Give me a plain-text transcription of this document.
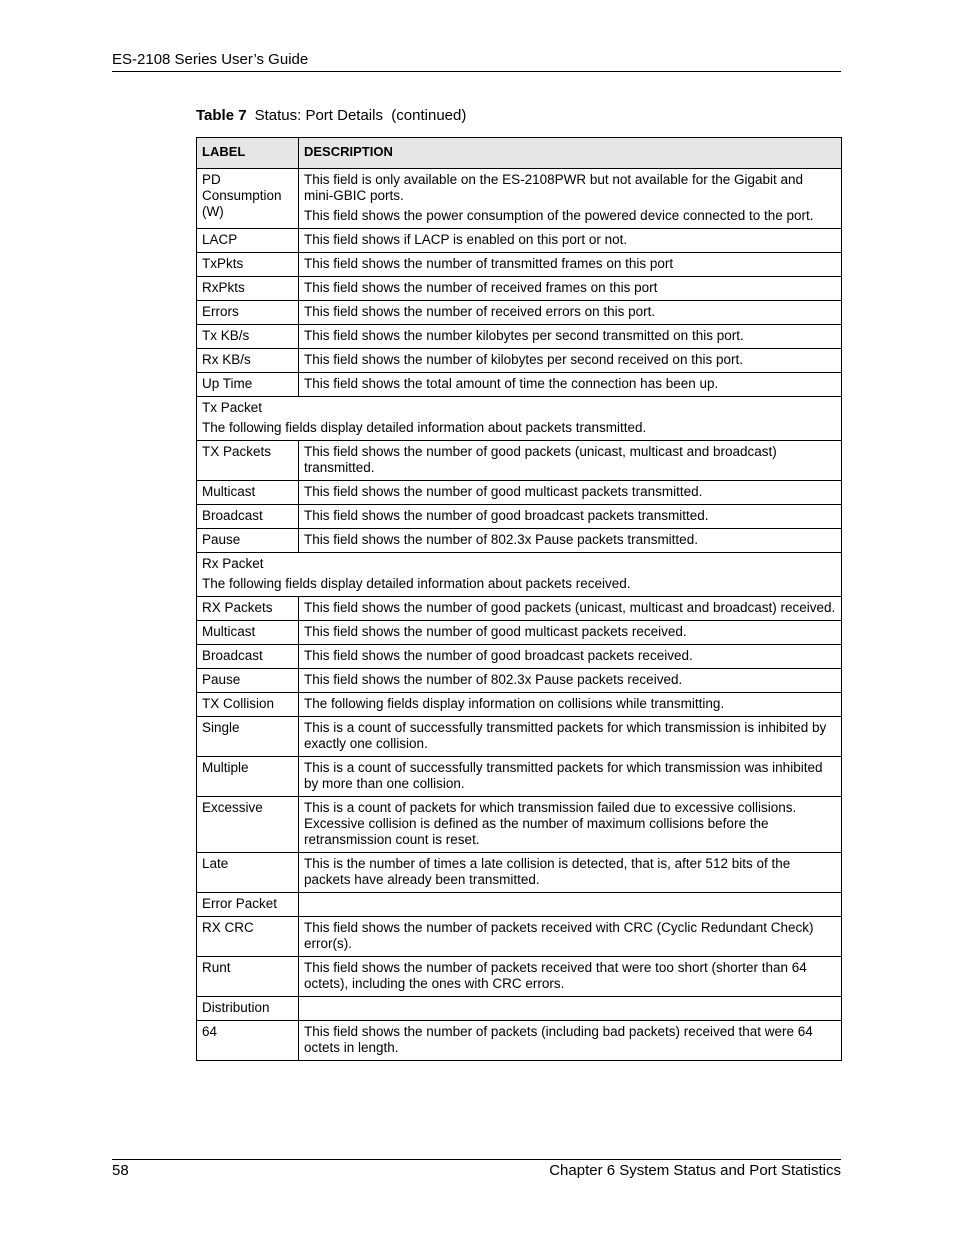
ES-2108 Series User’s Guide
Table 7 Status: Port Details  (continued)
LABEL	DESCRIPTION
PD Consumption (W)	This field is only available on the ES-2108PWR but not available for the Gigabit and mini-GBIC ports.

This field shows the power consumption of the powered device connected to the port.

LACP	This field shows if LACP is enabled on this port or not.

TxPkts	This field shows the number of transmitted frames on this port

RxPkts	This field shows the number of received frames on this port

Errors	This field shows the number of received errors on this port.

Tx KB/s	This field shows the number kilobytes per second transmitted on this port.

Rx KB/s	This field shows the number of kilobytes per second received on this port.

Up Time	This field shows the total amount of time the connection has been up.

Tx Packet

The following fields display detailed information about packets transmitted.	

TX Packets	This field shows the number of good packets (unicast, multicast and broadcast) transmitted.

Multicast	This field shows the number of good multicast packets transmitted.

Broadcast	This field shows the number of good broadcast packets transmitted.

Pause	This field shows the number of 802.3x Pause packets transmitted.

Rx Packet

The following fields display detailed information about packets received.	

RX Packets	This field shows the number of good packets (unicast, multicast and broadcast) received.

Multicast	This field shows the number of good multicast packets received.

Broadcast	This field shows the number of good broadcast packets received.

Pause	This field shows the number of 802.3x Pause packets received.

TX Collision	The following fields display information on collisions while transmitting.

Single	This is a count of successfully transmitted packets for which transmission is inhibited by exactly one collision.

Multiple	This is a count of successfully transmitted packets for which transmission was inhibited by more than one collision.

Excessive	This is a count of packets for which transmission failed due to excessive collisions. Excessive collision is defined as the number of maximum collisions before the retransmission count is reset.

Late	This is the number of times a late collision is detected, that is, after 512 bits of the packets have already been transmitted.

Error Packet	
RX CRC	This field shows the number of packets received with CRC (Cyclic Redundant Check) error(s).

Runt	This field shows the number of packets received that were too short (shorter than 64 octets), including the ones with CRC errors.

Distribution	
64	This field shows the number of packets (including bad packets) received that were 64 octets in length.

58	Chapter 6 System Status and Port Statistics
